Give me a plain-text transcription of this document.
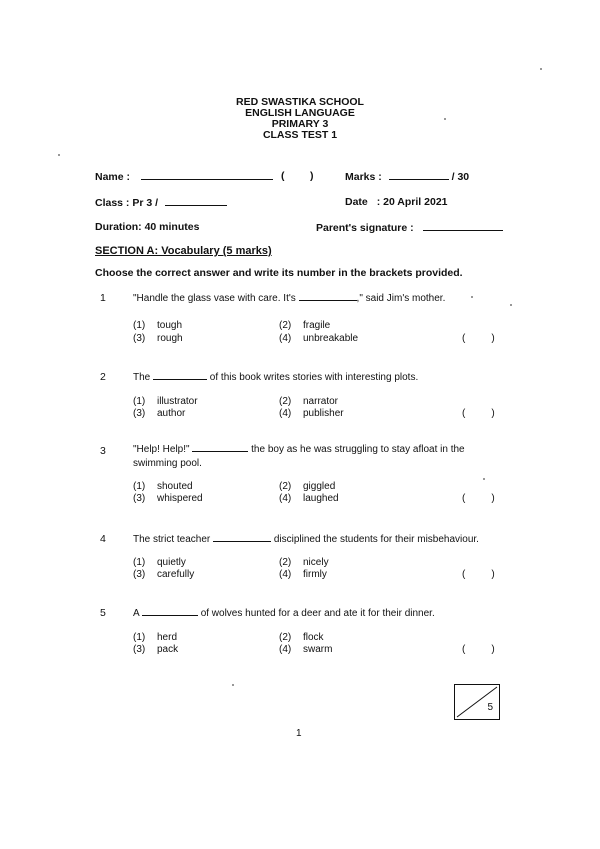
RED SWASTIKA SCHOOL
ENGLISH LANGUAGE
PRIMARY 3
CLASS TEST 1
Name :	( )	Marks :	/ 30
Class : Pr 3 /	Date : 20 April 2021
Duration: 40 minutes	Parent's signature :
SECTION A: Vocabulary (5 marks)
Choose the correct answer and write its number in the brackets provided.
1	"Handle the glass vase with care. It's	," said Jim's mother.
(1) tough	(2) fragile
(3) rough	(4) unbreakable	(	)
2	The	of this book writes stories with interesting plots.
(1) illustrator	(2) narrator
(3) author	(4) publisher	(	)
3	"Help! Help!"	the boy as he was struggling to stay afloat in the swimming pool.
(1) shouted	(2) giggled
(3) whispered	(4) laughed	(	)
4	The strict teacher	disciplined the students for their misbehaviour.
(1) quietly	(2) nicely
(3) carefully	(4) firmly	(	)
5	A	of wolves hunted for a deer and ate it for their dinner.
(1) herd	(2) flock
(3) pack	(4) swarm	(	)
5
1
